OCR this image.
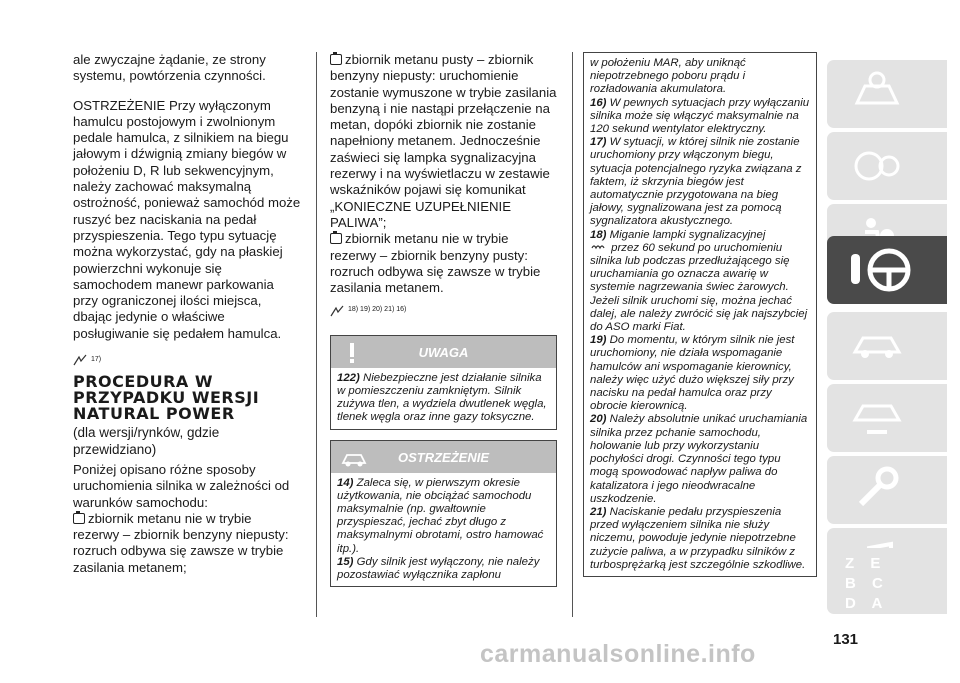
ale zwyczajne żądanie, ze strony systemu, powtórzenia czynności.

OSTRZEŻENIE Przy wyłączonym hamulcu postojowym i zwolnionym pedale hamulca, z silnikiem na biegu jałowym i dźwignią zmiany biegów w położeniu D, R lub sekwencyjnym, należy zachować maksymalną ostrożność, ponieważ samochód może ruszyć bez naciskania na pedał przyspieszenia. Tego typu sytuację można wykorzystać, gdy na płaskiej powierzchni wykonuje się samochodem manewr parkowania przy ograniczonej ilości miejsca, dbając jedynie o właściwe posługiwanie się pedałem hamulca.

17)
PROCEDURA W PRZYPADKU WERSJI NATURAL POWER

(dla wersji/rynków, gdzie przewidziano)

Poniżej opisano różne sposoby uruchomienia silnika w zależności od warunków samochodu:

zbiornik metanu nie w trybie rezerwy – zbiornik benzyny niepusty: rozruch odbywa się zawsze w trybie zasilania metanem;

zbiornik metanu pusty – zbiornik benzyny niepusty: uruchomienie zostanie wymuszone w trybie zasilania benzyną i nie nastąpi przełączenie na metan, dopóki zbiornik nie zostanie napełniony metanem. Jednocześnie zaświeci się lampka sygnalizacyjna rezerwy i na wyświetlaczu w zestawie wskaźników pojawi się komunikat „KONIECZNE UZUPEŁNIENIE PALIWA”;

zbiornik metanu nie w trybie rezerwy – zbiornik benzyny pusty: rozruch odbywa się zawsze w trybie zasilania metanem.

18) 19) 20) 21) 16)
UWAGA
122) Niebezpieczne jest działanie silnika w pomieszczeniu zamkniętym. Silnik zużywa tlen, a wydziela dwutlenek węgla, tlenek węgla oraz inne gazy toksyczne.
OSTRZEŻENIE
14) Zaleca się, w pierwszym okresie użytkowania, nie obciążać samochodu maksymalnie (np. gwałtownie przyspieszać, jechać zbyt długo z maksymalnymi obrotami, ostro hamować itp.).
15) Gdy silnik jest wyłączony, nie należy pozostawiać wyłącznika zapłonu
w położeniu MAR, aby uniknąć niepotrzebnego poboru prądu i rozładowania akumulatora.
16) W pewnych sytuacjach przy wyłączaniu silnika może się włączyć maksymalnie na 120 sekund wentylator elektryczny.
17) W sytuacji, w której silnik nie zostanie uruchomiony przy włączonym biegu, sytuacja potencjalnego ryzyka związana z faktem, iż skrzynia biegów jest automatycznie przygotowana na bieg jałowy, sygnalizowana jest za pomocą sygnalizatora akustycznego.
18) Miganie lampki sygnalizacyjnej
przez 60 sekund po uruchomieniu silnika lub podczas przedłużającego się uruchamiania go oznacza awarię w systemie nagrzewania świec żarowych. Jeżeli silnik uruchomi się, można jechać dalej, ale należy zwrócić się jak najszybciej do ASO marki Fiat.
19) Do momentu, w którym silnik nie jest uruchomiony, nie działa wspomaganie hamulców ani wspomaganie kierownicy, należy więc użyć dużo większej siły przy nacisku na pedał hamulca oraz przy obrocie kierownicą.
20) Należy absolutnie unikać uruchamiania silnika przez pchanie samochodu, holowanie lub przy wykorzystaniu pochyłości drogi. Czynności tego typu mogą spowodować napływ paliwa do katalizatora i jego nieodwracalne uszkodzenie.
21) Naciskanie pedału przyspieszenia przed wyłączeniem silnika nie służy niczemu, powoduje jedynie niepotrzebne zużycie paliwa, a w przypadku silników z turbosprężarką jest szczególnie szkodliwe.	Z E B C D A T
131
carmanualsonline.info
